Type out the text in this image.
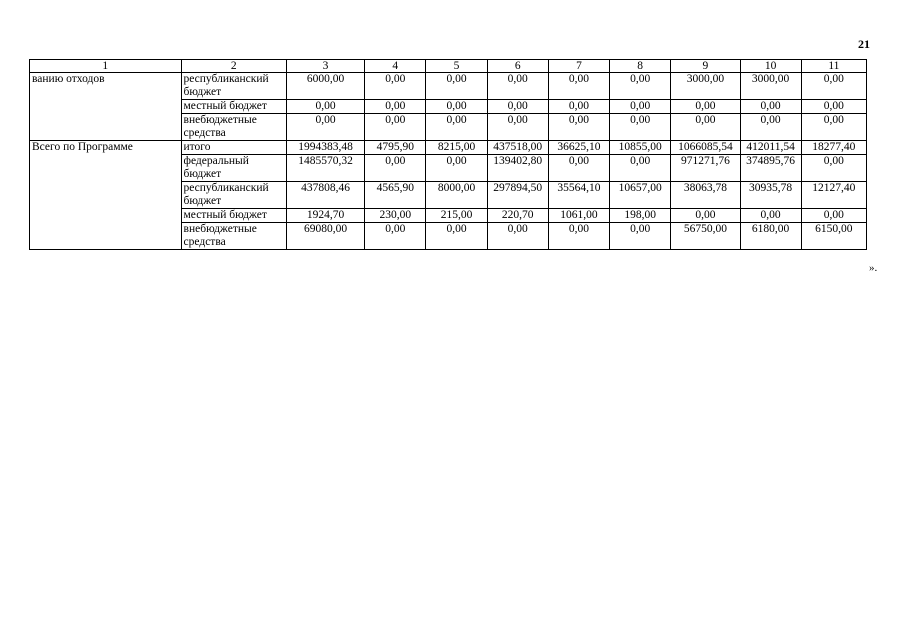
21
1	2	3	4	5	6	7	8	9	10	11
ванию отходов	республиканский бюджет	6000,00	0,00	0,00	0,00	0,00	0,00	3000,00	3000,00	0,00
	местный бюджет	0,00	0,00	0,00	0,00	0,00	0,00	0,00	0,00	0,00
	внебюджетные средства	0,00	0,00	0,00	0,00	0,00	0,00	0,00	0,00	0,00
Всего по Программе	итого	1994383,48	4795,90	8215,00	437518,00	36625,10	10855,00	1066085,54	412011,54	18277,40
	федеральный бюджет	1485570,32	0,00	0,00	139402,80	0,00	0,00	971271,76	374895,76	0,00
	республиканский бюджет	437808,46	4565,90	8000,00	297894,50	35564,10	10657,00	38063,78	30935,78	12127,40
	местный бюджет	1924,70	230,00	215,00	220,70	1061,00	198,00	0,00	0,00	0,00
	внебюджетные средства	69080,00	0,00	0,00	0,00	0,00	0,00	56750,00	6180,00	6150,00
».
